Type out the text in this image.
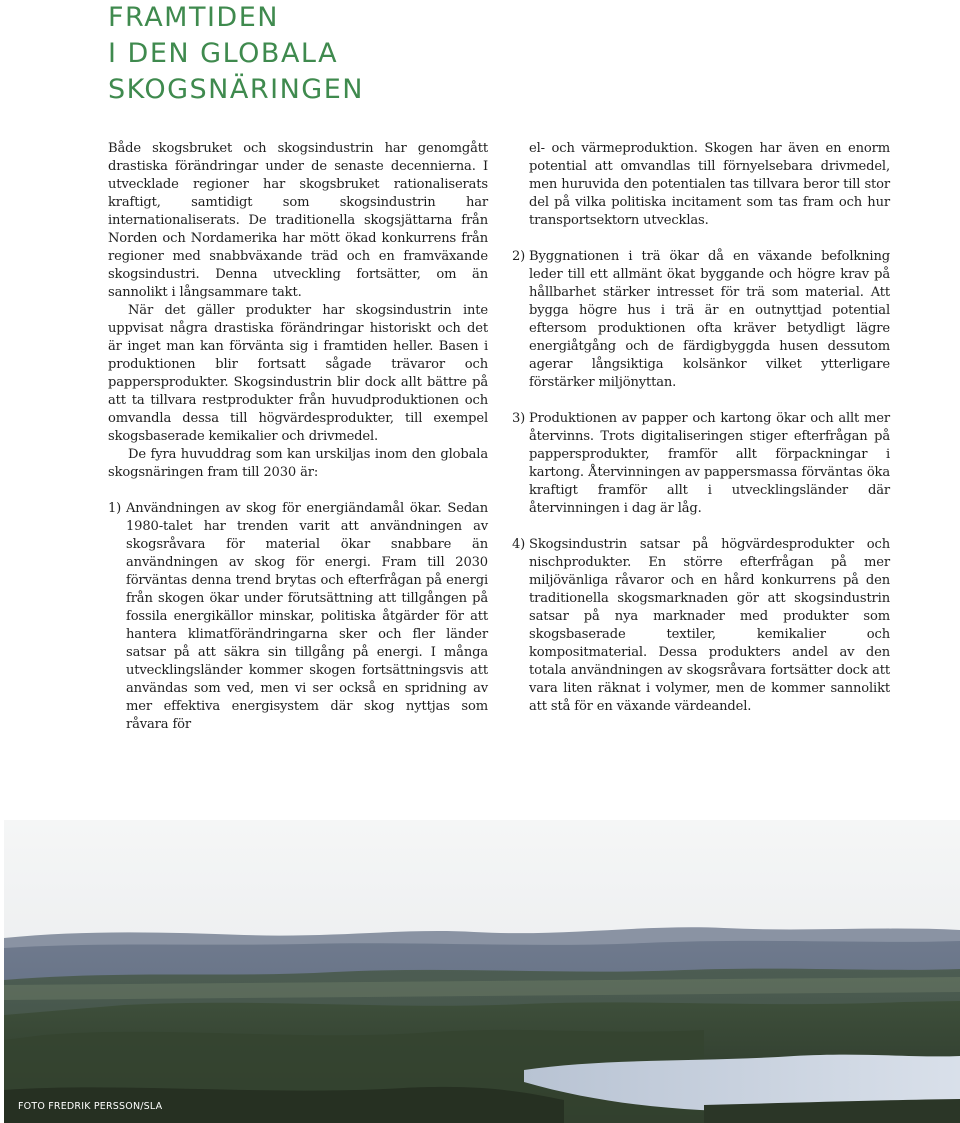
FRAMTIDEN
I DEN GLOBALA
SKOGSNÄRINGEN

Både skogsbruket och skogsindustrin har genomgått drastiska förändringar under de senaste decennierna. I utvecklade regioner har skogsbruket rationaliserats kraftigt, samtidigt som skogsindustrin har internationaliserats. De traditionella skogsjättarna från Norden och Nordamerika har mött ökad konkurrens från regioner med snabbväxande träd och en framväxande skogsindustri. Denna utveckling fortsätter, om än sannolikt i långsammare takt.

När det gäller produkter har skogsindustrin inte uppvisat några drastiska förändringar historiskt och det är inget man kan förvänta sig i framtiden heller. Basen i produktionen blir fortsatt sågade trävaror och pappersprodukter. Skogsindustrin blir dock allt bättre på att ta tillvara restprodukter från huvudproduktionen och omvandla dessa till högvärdesprodukter, till exempel skogsbaserade kemikalier och drivmedel.

De fyra huvuddrag som kan urskiljas inom den globala skogsnäringen fram till 2030 är:

1) Användningen av skog för energiändamål ökar. Sedan 1980-talet har trenden varit att användningen av skogsråvara för material ökar snabbare än användningen av skog för energi. Fram till 2030 förväntas denna trend brytas och efterfrågan på energi från skogen ökar under förutsättning att tillgången på fossila energikällor minskar, politiska åtgärder för att hantera klimatförändringarna sker och fler länder satsar på att säkra sin tillgång på energi. I många utvecklingsländer kommer skogen fortsättningsvis att användas som ved, men vi ser också en spridning av mer effektiva energisystem där skog nyttjas som råvara för

el- och värmeproduktion. Skogen har även en enorm potential att omvandlas till förnyelsebara drivmedel, men huruvida den potentialen tas tillvara beror till stor del på vilka politiska incitament som tas fram och hur transportsektorn utvecklas.

2) Byggnationen i trä ökar då en växande befolkning leder till ett allmänt ökat byggande och högre krav på hållbarhet stärker intresset för trä som material. Att bygga högre hus i trä är en outnyttjad potential eftersom produktionen ofta kräver betydligt lägre energiåtgång och de färdigbyggda husen dessutom agerar långsiktiga kolsänkor vilket ytterligare förstärker miljönyttan.
3) Produktionen av papper och kartong ökar och allt mer återvinns. Trots digitaliseringen stiger efterfrågan på pappersprodukter, framför allt förpackningar i kartong. Återvinningen av pappersmassa förväntas öka kraftigt framför allt i utvecklingsländer där återvinningen i dag är låg.
4) Skogsindustrin satsar på högvärdesprodukter och nischprodukter. En större efterfrågan på mer miljövänliga råvaror och en hård konkurrens på den traditionella skogsmarknaden gör att skogsindustrin satsar på nya marknader med produkter som skogsbaserade textiler, kemikalier och kompositmaterial. Dessa produkters andel av den totala användningen av skogsråvara fortsätter dock att vara liten räknat i volymer, men de kommer sannolikt att stå för en växande värdeandel.
FOTO FREDRIK PERSSON/SLA
